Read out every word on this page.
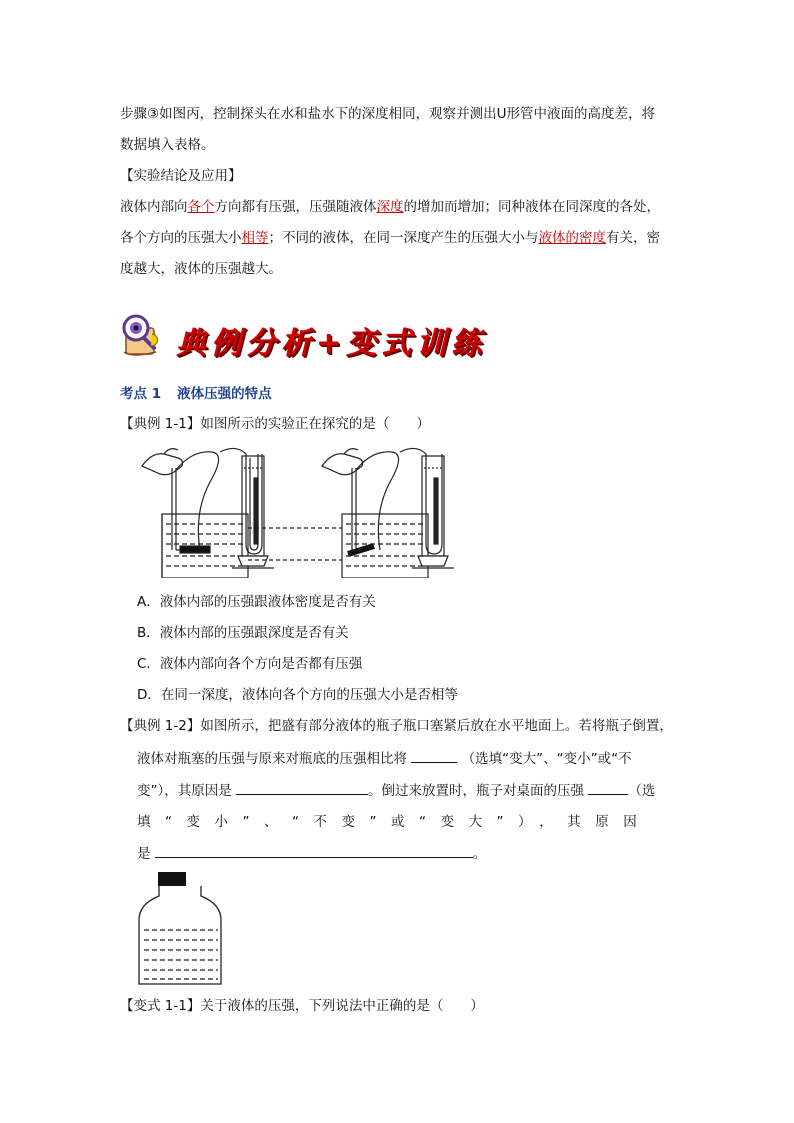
步骤③如图丙，控制探头在水和盐水下的深度相同，观察并测出U形管中液面的高度差，将
数据填入表格。
【实验结论及应用】
液体内部向各个方向都有压强，压强随液体深度的增加而增加；同种液体在同深度的各处，
各个方向的压强大小相等；不同的液体，在同一深度产生的压强大小与液体的密度有关，密
度越大，液体的压强越大。
典例分析+变式训练
考点 1 液体压强的特点
【典例 1-1】如图所示的实验正在探究的是（　　）
A．液体内部的压强跟液体密度是否有关
B．液体内部的压强跟深度是否有关
C．液体内部向各个方向是否都有压强
D．在同一深度，液体向各个方向的压强大小是否相等
【典例 1-2】如图所示，把盛有部分液体的瓶子瓶口塞紧后放在水平地面上。若将瓶子倒置，
液体对瓶塞的压强与原来对瓶底的压强相比将	（选填“变大”、“变小”或“不
变”），其原因是	。倒过来放置时，瓶子对桌面的压强	（选
填“变小”、“不变”或“变大”），其原因
是	。
【变式 1-1】关于液体的压强，下列说法中正确的是（　　）
